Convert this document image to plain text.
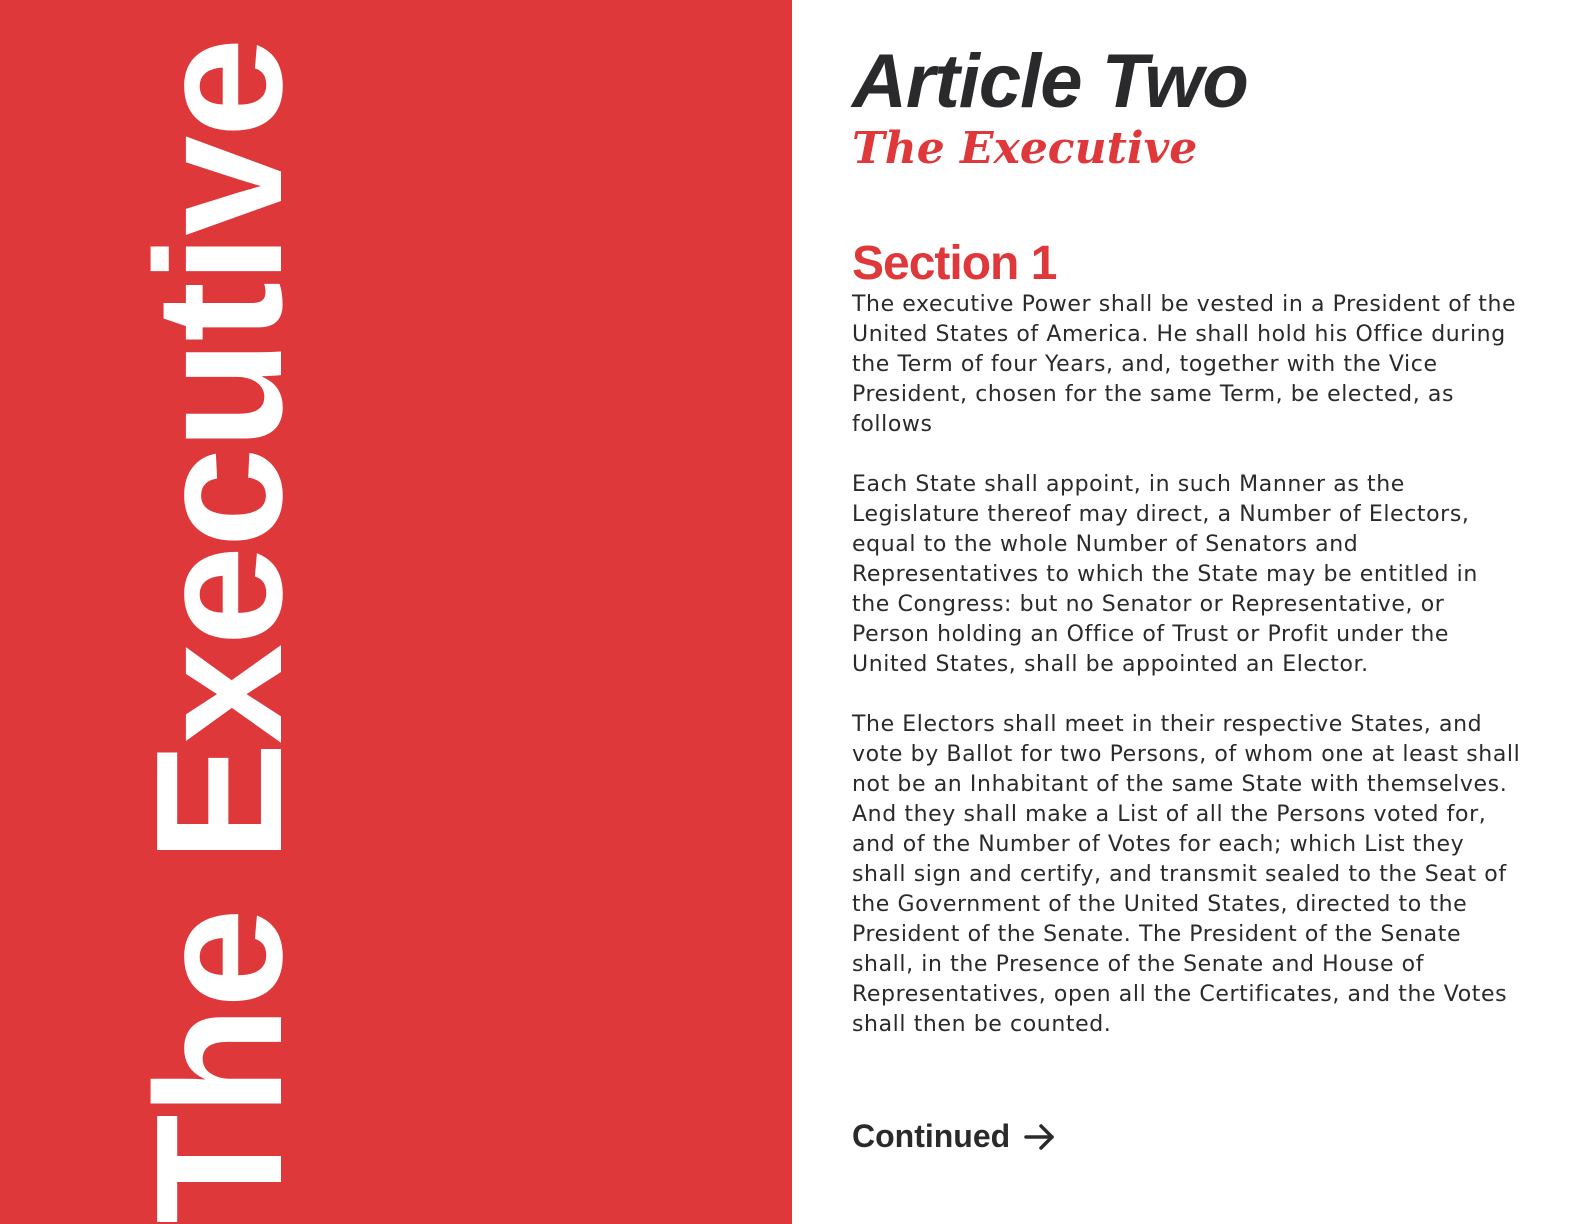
The Executive	Article Two
The Executive
Section 1

The executive Power shall be vested in a President of the United States of America. He shall hold his Office during the Term of four Years, and, together with the Vice President, chosen for the same Term, be elected, as follows

Each State shall appoint, in such Manner as the Legislature thereof may direct, a Number of Electors, equal to the whole Number of Senators and Representatives to which the State may be entitled in the Congress: but no Senator or Representative, or Person holding an Office of Trust or Profit under the United States, shall be appointed an Elector.

The Electors shall meet in their respective States, and vote by Ballot for two Persons, of whom one at least shall not be an Inhabitant of the same State with themselves. And they shall make a List of all the Persons voted for, and of the Number of Votes for each; which List they shall sign and certify, and transmit sealed to the Seat of the Government of the United States, directed to the President of the Senate. The President of the Senate shall, in the Presence of the Senate and House of Representatives, open all the Certificates, and the Votes shall then be counted.

Continued
